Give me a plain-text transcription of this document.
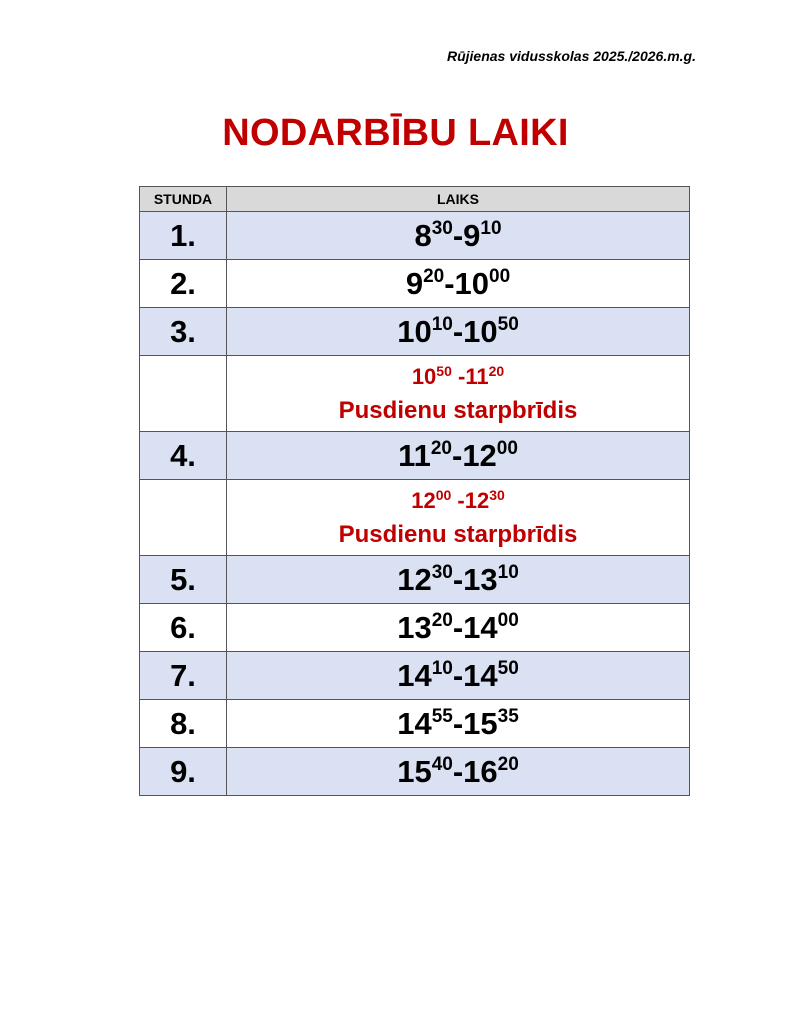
Rūjienas vidusskolas 2025./2026.m.g.
NODARBĪBU LAIKI
STUNDA	LAIKS
1.	$8^{30}-9^{10}$
2.	$9^{20}-10^{00}$
3.	$10^{10}-10^{50}$

	$10^{50}$ $-11^{20}$
Pusdienu starpbrīdis

4.	$11^{20}-12^{00}$

	$12^{00}$ $-12^{30}$
Pusdienu starpbrīdis

5.	$12^{30}-13^{10}$
6.	$13^{20}-14^{00}$
7.	$14^{10}-14^{50}$
8.	$14^{55}-15^{35}$
9.	$15^{40}-16^{20}$
